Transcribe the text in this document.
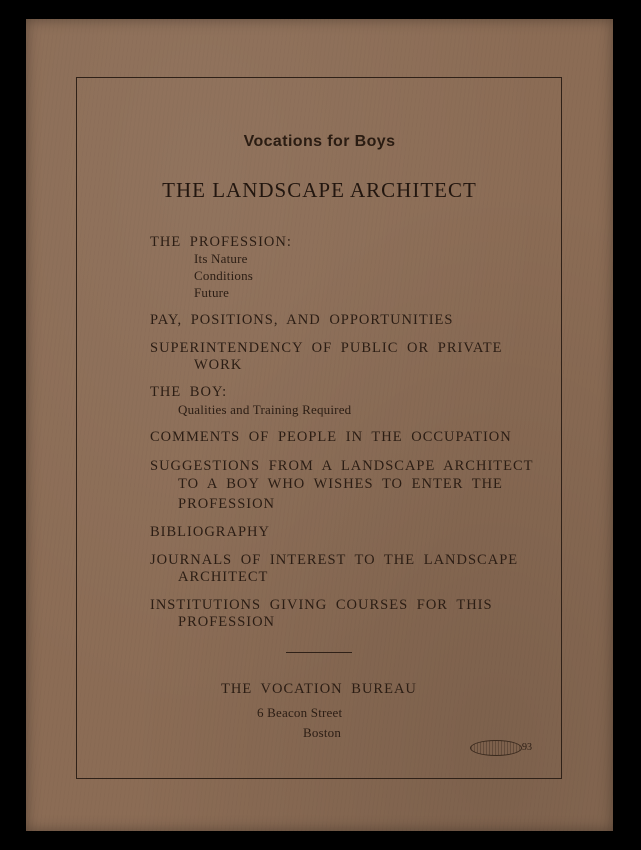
Vocations for Boys
THE LANDSCAPE ARCHITECT
THE PROFESSION:
Its Nature
Conditions
Future
PAY, POSITIONS, AND OPPORTUNITIES
SUPERINTENDENCY OF PUBLIC OR PRIVATE
WORK
THE BOY:
Qualities and Training Required
COMMENTS OF PEOPLE IN THE OCCUPATION
SUGGESTIONS FROM A LANDSCAPE ARCHITECT
TO A BOY WHO WISHES TO ENTER THE
PROFESSION
BIBLIOGRAPHY
JOURNALS OF INTEREST TO THE LANDSCAPE
ARCHITECT
INSTITUTIONS GIVING COURSES FOR THIS
PROFESSION
THE VOCATION BUREAU
6 Beacon Street
Boston
93
